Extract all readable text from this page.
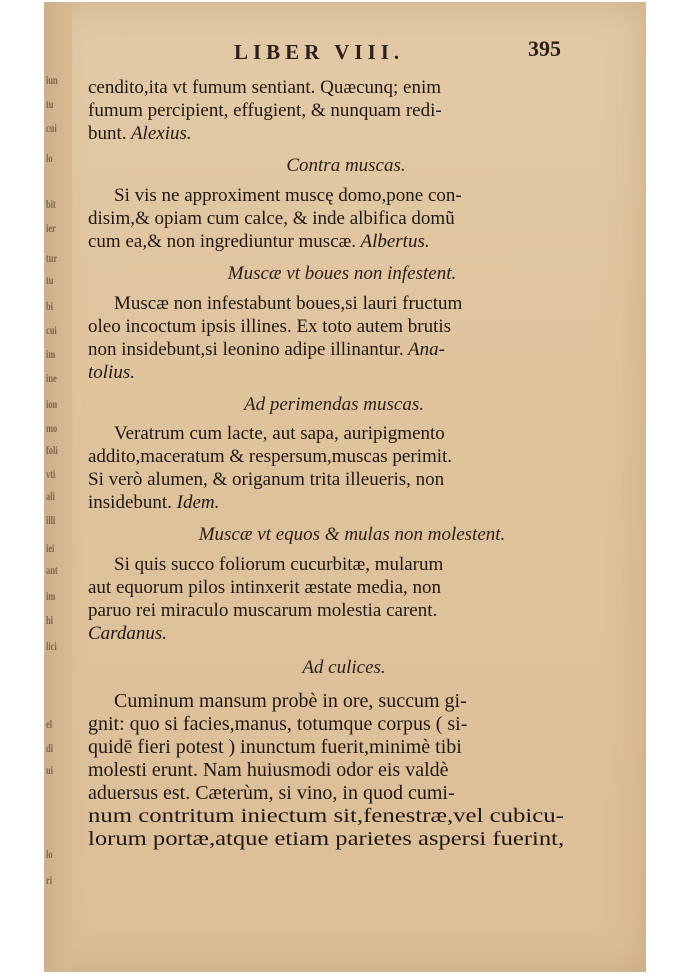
iun
tu
cui
lo
bit
ier
tur
tu
bi
cui
im
ine
ion
mo
foli
vti
ali
illi
iei
ant
im
hi
lici
el
di
ui
lo
ri
LIBER VIII.	395
cendito,ita vt fumum sentiant. Quæcunq; enim
fumum percipient, effugient, & nunquam redi-
bunt. Alexius.
Contra muscas.
Si vis ne approximent muscę domo,pone con-
disim,& opiam cum calce, & inde albifica domũ
cum ea,& non ingrediuntur muscæ. Albertus.
Muscæ vt boues non infestent.
Muscæ non infestabunt boues,si lauri fructum
oleo incoctum ipsis illines. Ex toto autem brutis
non insidebunt,si leonino adipe illinantur. Ana-
tolius.
Ad perimendas muscas.
Veratrum cum lacte, aut sapa, auripigmento
addito,maceratum & respersum,muscas perimit.
Si verò alumen, & origanum trita illeueris, non
insidebunt. Idem.
Muscæ vt equos & mulas non molestent.
Si quis succo foliorum cucurbitæ, mularum
aut equorum pilos intinxerit æstate media, non
paruo rei miraculo muscarum molestia carent.
Cardanus.
Ad culices.
Cuminum mansum probè in ore, succum gi-
gnit: quo si facies,manus, totumque corpus ( si-
quidē fieri potest ) inunctum fuerit,minimè tibi
molesti erunt. Nam huiusmodi odor eis valdè
aduersus est. Cæterùm, si vino, in quod cumi-
num contritum iniectum sit,fenestræ,vel cubicu-
lorum portæ,atque etiam parietes aspersi fuerint,
